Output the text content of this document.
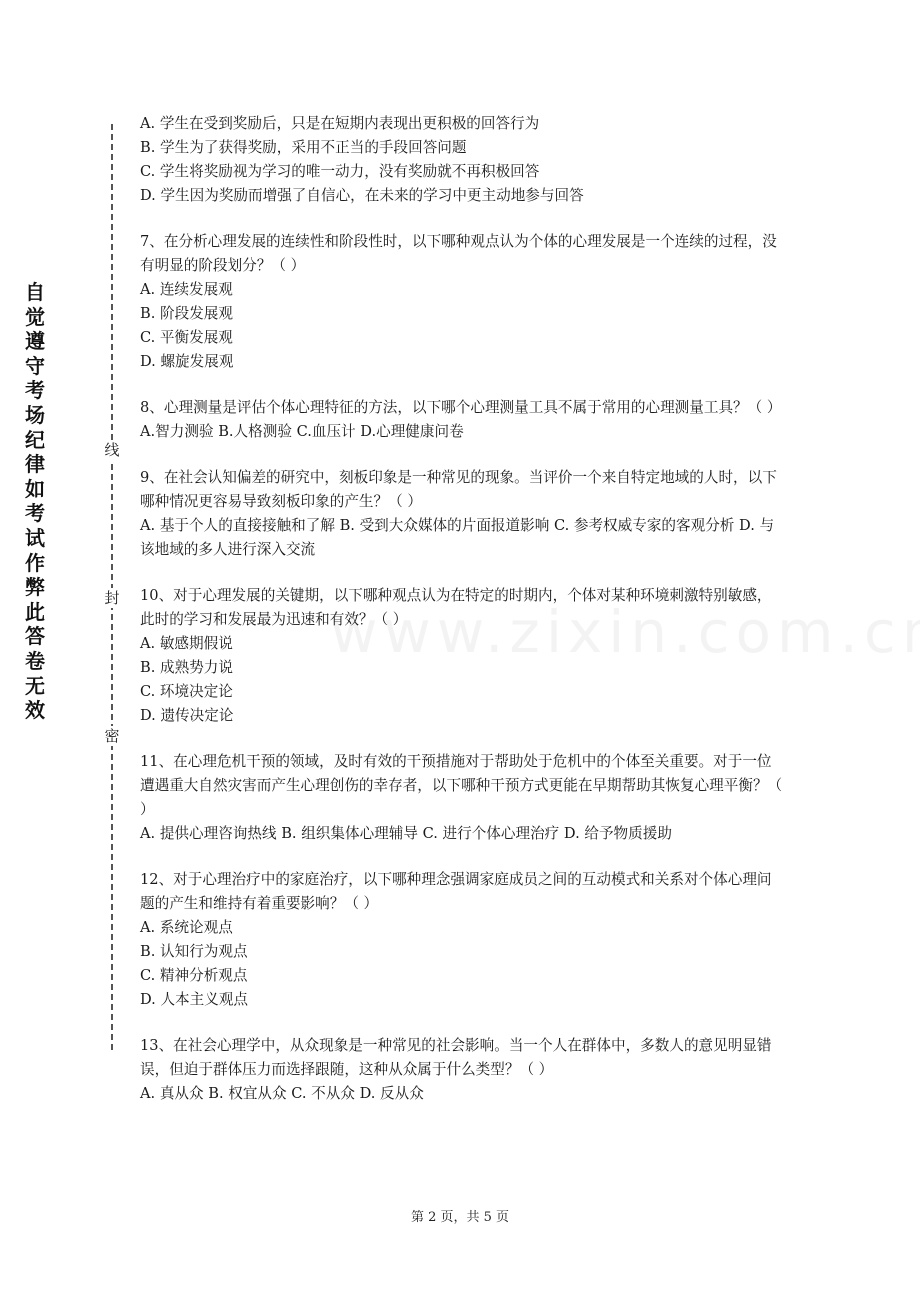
自觉遵守考场纪律如考试作弊此答卷无效
线
封
密

A. 学生在受到奖励后，只是在短期内表现出更积极的回答行为

B. 学生为了获得奖励，采用不正当的手段回答问题

C. 学生将奖励视为学习的唯一动力，没有奖励就不再积极回答

D. 学生因为奖励而增强了自信心，在未来的学习中更主动地参与回答

7、在分析心理发展的连续性和阶段性时，以下哪种观点认为个体的心理发展是一个连续的过程，没有明显的阶段划分？（ ）

A. 连续发展观

B. 阶段发展观

C. 平衡发展观

D. 螺旋发展观

8、心理测量是评估个体心理特征的方法，以下哪个心理测量工具不属于常用的心理测量工具？（ ）

A.智力测验 B.人格测验 C.血压计 D.心理健康问卷

9、在社会认知偏差的研究中，刻板印象是一种常见的现象。当评价一个来自特定地域的人时，以下哪种情况更容易导致刻板印象的产生？（ ）

A. 基于个人的直接接触和了解 B. 受到大众媒体的片面报道影响 C. 参考权威专家的客观分析 D. 与该地域的多人进行深入交流

10、对于心理发展的关键期，以下哪种观点认为在特定的时期内，个体对某种环境刺激特别敏感，此时的学习和发展最为迅速和有效？（ ）

A. 敏感期假说

B. 成熟势力说

C. 环境决定论

D. 遗传决定论

11、在心理危机干预的领域，及时有效的干预措施对于帮助处于危机中的个体至关重要。对于一位遭遇重大自然灾害而产生心理创伤的幸存者，以下哪种干预方式更能在早期帮助其恢复心理平衡？（ ）

A. 提供心理咨询热线 B. 组织集体心理辅导 C. 进行个体心理治疗 D. 给予物质援助

12、对于心理治疗中的家庭治疗，以下哪种理念强调家庭成员之间的互动模式和关系对个体心理问题的产生和维持有着重要影响？（ ）

A. 系统论观点

B. 认知行为观点

C. 精神分析观点

D. 人本主义观点

13、在社会心理学中，从众现象是一种常见的社会影响。当一个人在群体中，多数人的意见明显错误，但迫于群体压力而选择跟随，这种从众属于什么类型？（ ）

A. 真从众 B. 权宜从众 C. 不从众 D. 反从众

第 2 页，共 5 页
